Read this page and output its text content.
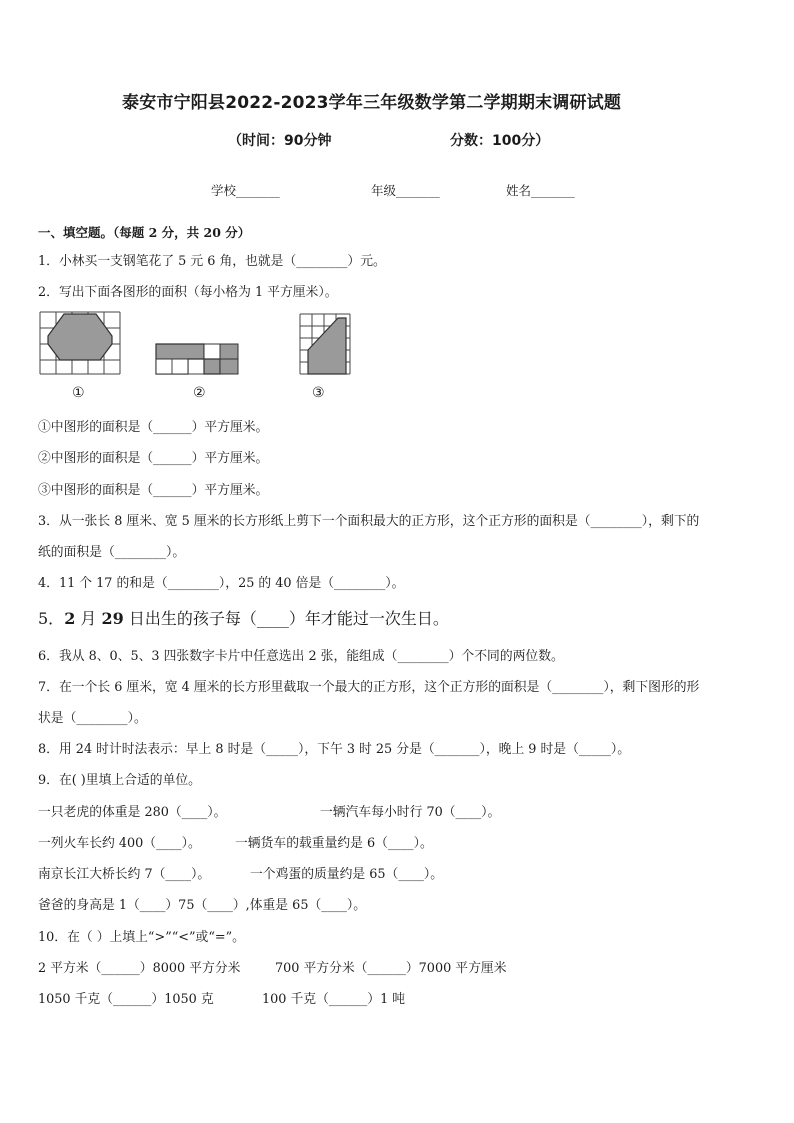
泰安市宁阳县2022-2023学年三年级数学第二学期期末调研试题
（时间：90分钟	分数：100分）
学校_______	年级_______	姓名_______
一、填空题。（每题 2 分，共 20 分）
1．小林买一支钢笔花了 5 元 6 角，也就是（________）元。
2．写出下面各图形的面积（每小格为 1 平方厘米）。
①	②	③
①中图形的面积是（______）平方厘米。
②中图形的面积是（______）平方厘米。
③中图形的面积是（______）平方厘米。
3．从一张长 8 厘米、宽 5 厘米的长方形纸上剪下一个面积最大的正方形，这个正方形的面积是（________），剩下的
纸的面积是（________）。
4．11 个 17 的和是（________），25 的 40 倍是（________）。
5．2 月 29 日出生的孩子每（____）年才能过一次生日。
6．我从 8、0、5、3 四张数字卡片中任意选出 2 张，能组成（________）个不同的两位数。
7．在一个长 6 厘米，宽 4 厘米的长方形里截取一个最大的正方形，这个正方形的面积是（________），剩下图形的形
状是（________）。
8．用 24 时计时法表示：早上 8 时是（_____），下午 3 时 25 分是（_______），晚上 9 时是（_____）。
9．在( )里填上合适的单位。
一只老虎的体重是 280（____）。	一辆汽车每小时行 70（____）。
一列火车长约 400（____）。	一辆货车的载重量约是 6（____）。
南京长江大桥长约 7（____）。	一个鸡蛋的质量约是 65（____）。
爸爸的身高是 1（____）75（____）,体重是 65（____）。
10．在（ ）上填上“>”“<”或“=”。
2 平方米（______）8000 平方分米	700 平方分米（______）7000 平方厘米
1050 千克（______）1050 克	100 千克（______）1 吨
